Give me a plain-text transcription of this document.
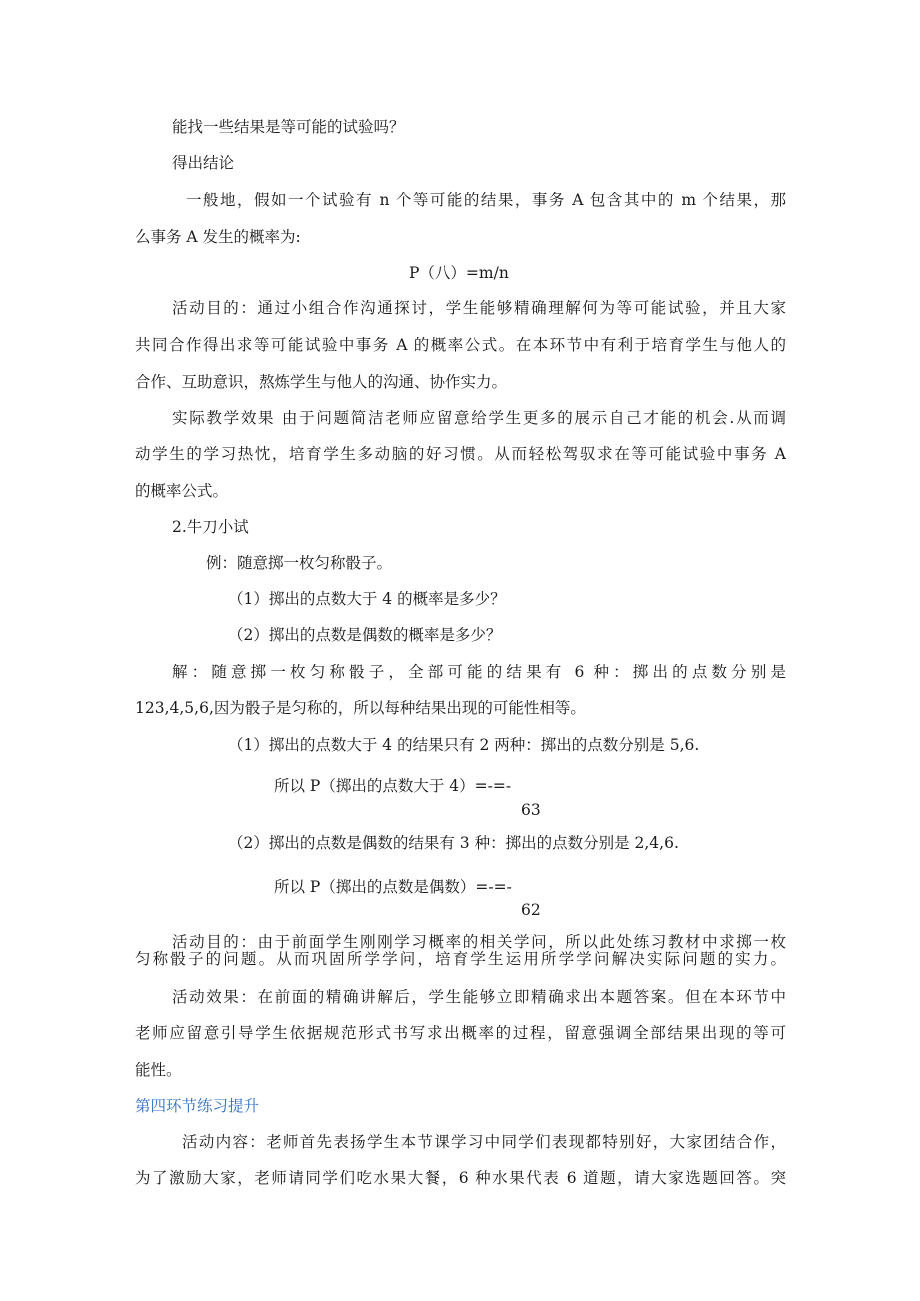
能找一些结果是等可能的试验吗？
得出结论
一般地，假如一个试验有 n 个等可能的结果，事务 A 包含其中的 m 个结果，那
么事务 A 发生的概率为:
P（八）=m/n
活动目的：通过小组合作沟通探讨，学生能够精确理解何为等可能试验，并且大家
共同合作得出求等可能试验中事务 A 的概率公式。在本环节中有利于培育学生与他人的
合作、互助意识，熬炼学生与他人的沟通、协作实力。
实际教学效果 由于问题简洁老师应留意给学生更多的展示自己才能的机会.从而调
动学生的学习热忱，培育学生多动脑的好习惯。从而轻松驾驭求在等可能试验中事务 A
的概率公式。
2.牛刀小试
例：随意掷一枚匀称骰子。
（1）掷出的点数大于 4 的概率是多少？
（2）掷出的点数是偶数的概率是多少？
解：随意掷一枚匀称骰子，全部可能的结果有 6 种：掷出的点数分别是
123,4,5,6,因为骰子是匀称的，所以每种结果出现的可能性相等。
（1）掷出的点数大于 4 的结果只有 2 两种：掷出的点数分别是 5,6.
所以 P（掷出的点数大于 4）=-=-
63
（2）掷出的点数是偶数的结果有 3 种：掷出的点数分别是 2,4,6.
所以 P（掷出的点数是偶数）=-=-
62
活动目的：由于前面学生刚刚学习概率的相关学问，所以此处练习教材中求掷一枚
匀称骰子的问题。从而巩固所学学问，培育学生运用所学学问解决实际问题的实力。
活动效果：在前面的精确讲解后，学生能够立即精确求出本题答案。但在本环节中
老师应留意引导学生依据规范形式书写求出概率的过程，留意强调全部结果出现的等可
能性。
第四环节练习提升
活动内容：老师首先表扬学生本节课学习中同学们表现都特别好，大家团结合作，
为了激励大家，老师请同学们吃水果大餐，6 种水果代表 6 道题，请大家选题回答。突
